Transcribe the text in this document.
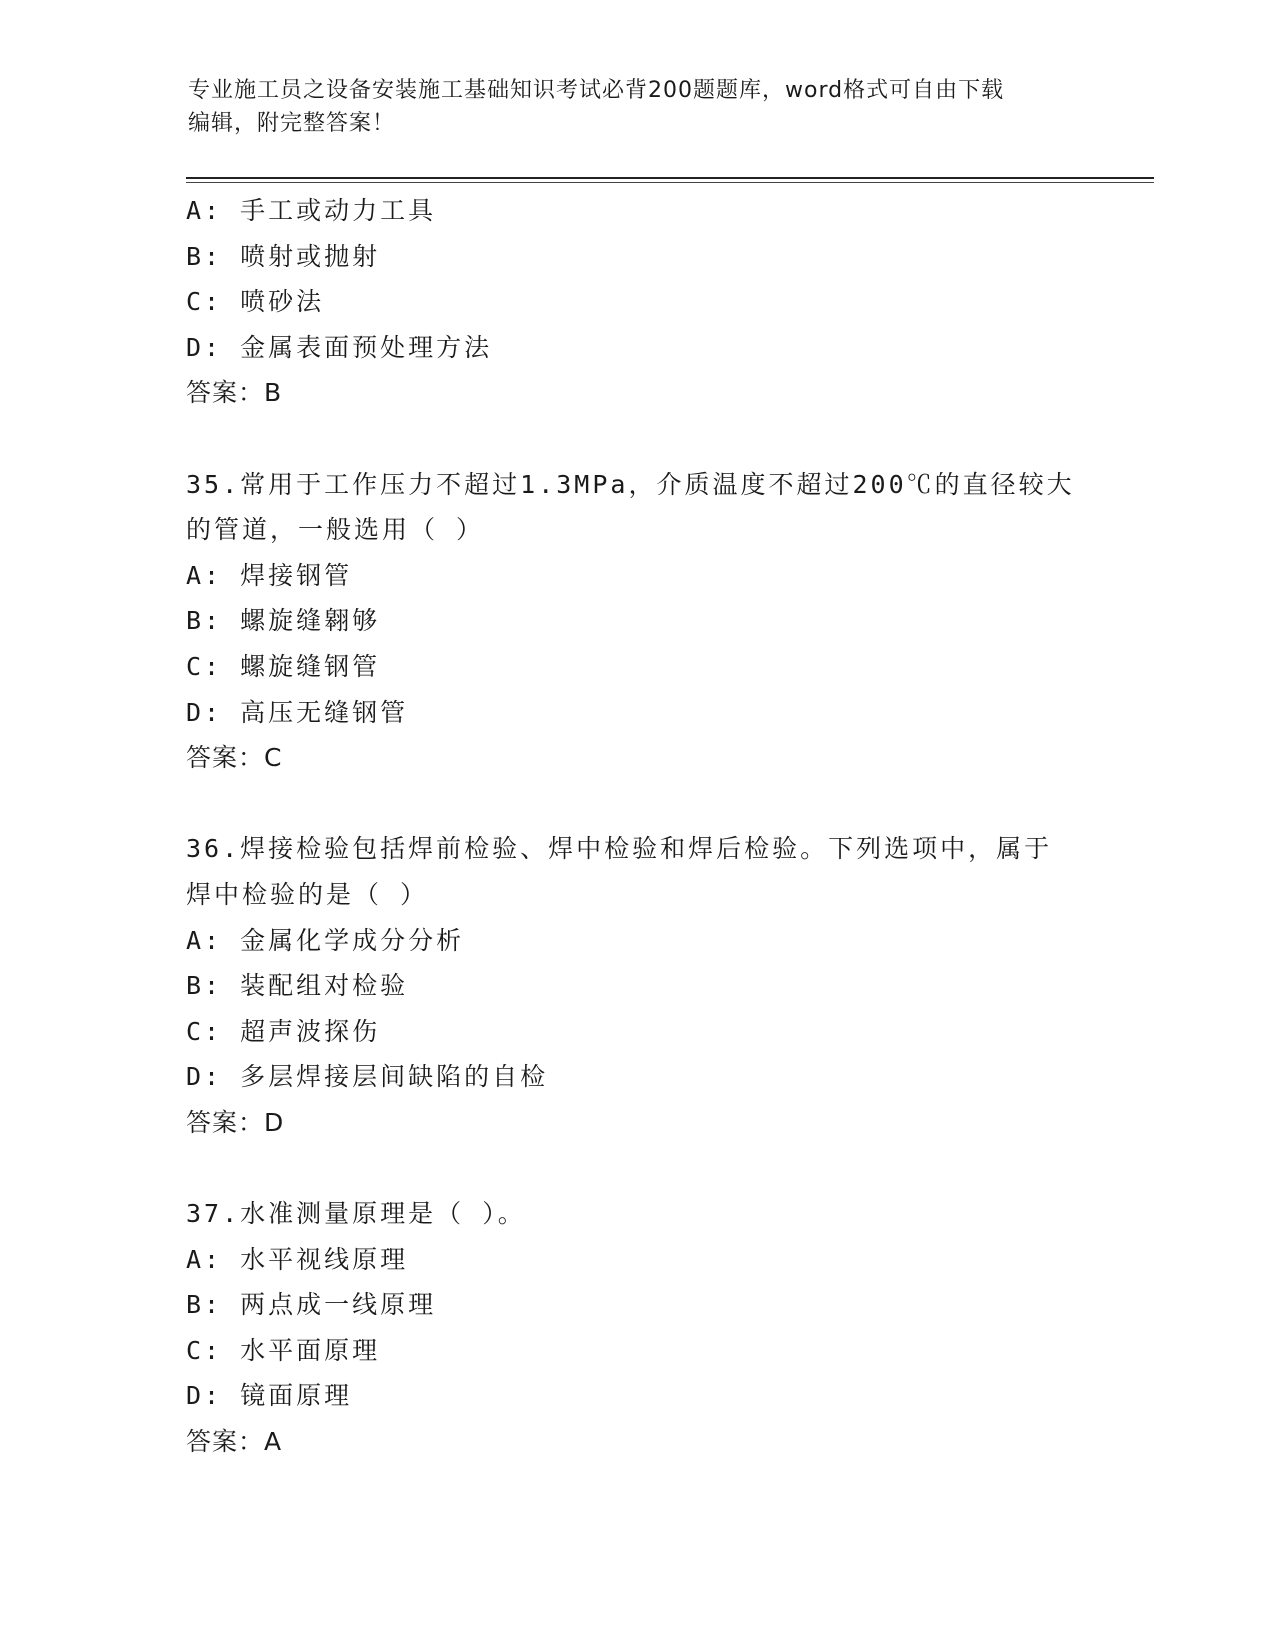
专业施工员之设备安装施工基础知识考试必背200题题库，word格式可自由下载
编辑，附完整答案！
A: 手工或动力工具
B: 喷射或抛射
C: 喷砂法
D: 金属表面预处理方法
答案：B
35.常用于工作压力不超过1.3MPa，介质温度不超过200℃的直径较大
的管道，一般选用（ ）
A: 焊接钢管
B: 螺旋缝翱够
C: 螺旋缝钢管
D: 高压无缝钢管
答案：C
36.焊接检验包括焊前检验、焊中检验和焊后检验。下列选项中，属于
焊中检验的是（ ）
A: 金属化学成分分析
B: 装配组对检验
C: 超声波探伤
D: 多层焊接层间缺陷的自检
答案：D
37.水准测量原理是（ ）。
A: 水平视线原理
B: 两点成一线原理
C: 水平面原理
D: 镜面原理
答案：A
